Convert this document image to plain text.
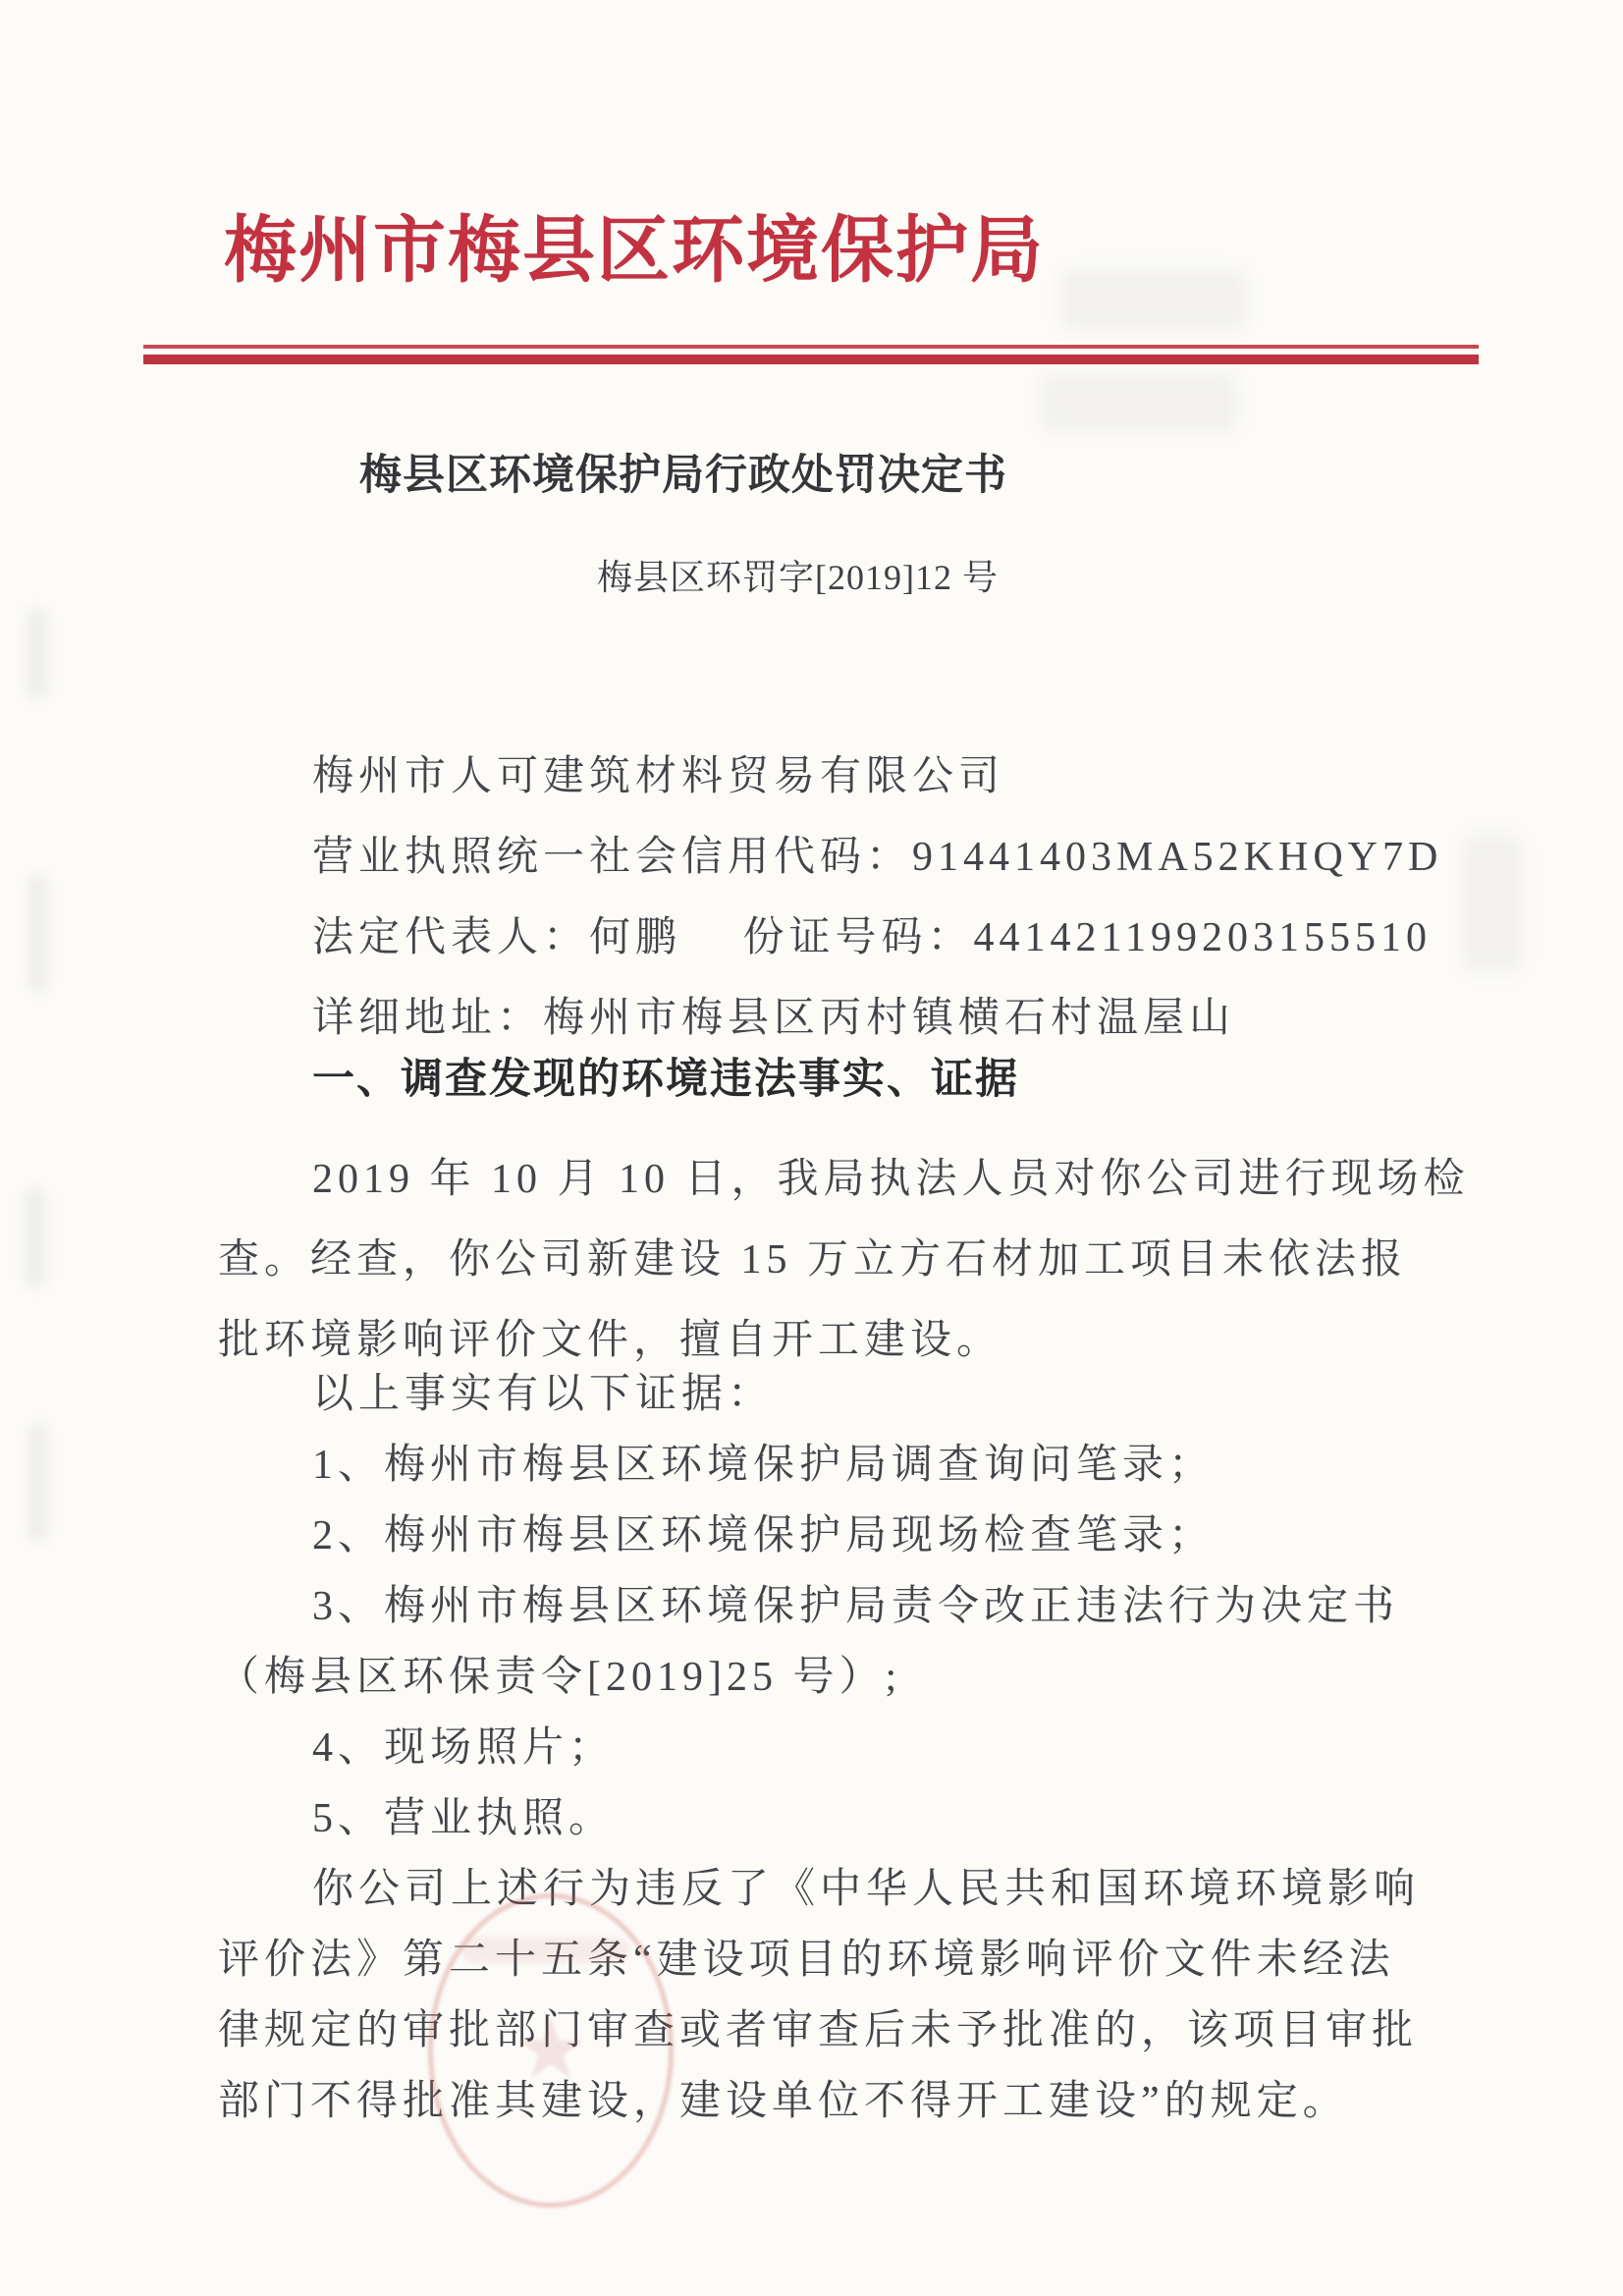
梅州市梅县区环境保护局
梅县区环境保护局行政处罚决定书
梅县区环罚字[2019]12 号
梅州市人可建筑材料贸易有限公司
营业执照统一社会信用代码：91441403MA52KHQY7D
法定代表人：何鹏　 份证号码：441421199203155510
详细地址：梅州市梅县区丙村镇横石村温屋山
一、调查发现的环境违法事实、证据
2019 年 10 月 10 日，我局执法人员对你公司进行现场检
查。经查，你公司新建设 15 万立方石材加工项目未依法报
批环境影响评价文件，擅自开工建设。
以上事实有以下证据：
1、梅州市梅县区环境保护局调查询问笔录；
2、梅州市梅县区环境保护局现场检查笔录；
3、梅州市梅县区环境保护局责令改正违法行为决定书
（梅县区环保责令[2019]25 号）;
4、现场照片；
5、营业执照。
你公司上述行为违反了《中华人民共和国环境环境影响
评价法》第二十五条“建设项目的环境影响评价文件未经法
律规定的审批部门审查或者审查后未予批准的，该项目审批
部门不得批准其建设，建设单位不得开工建设”的规定。
